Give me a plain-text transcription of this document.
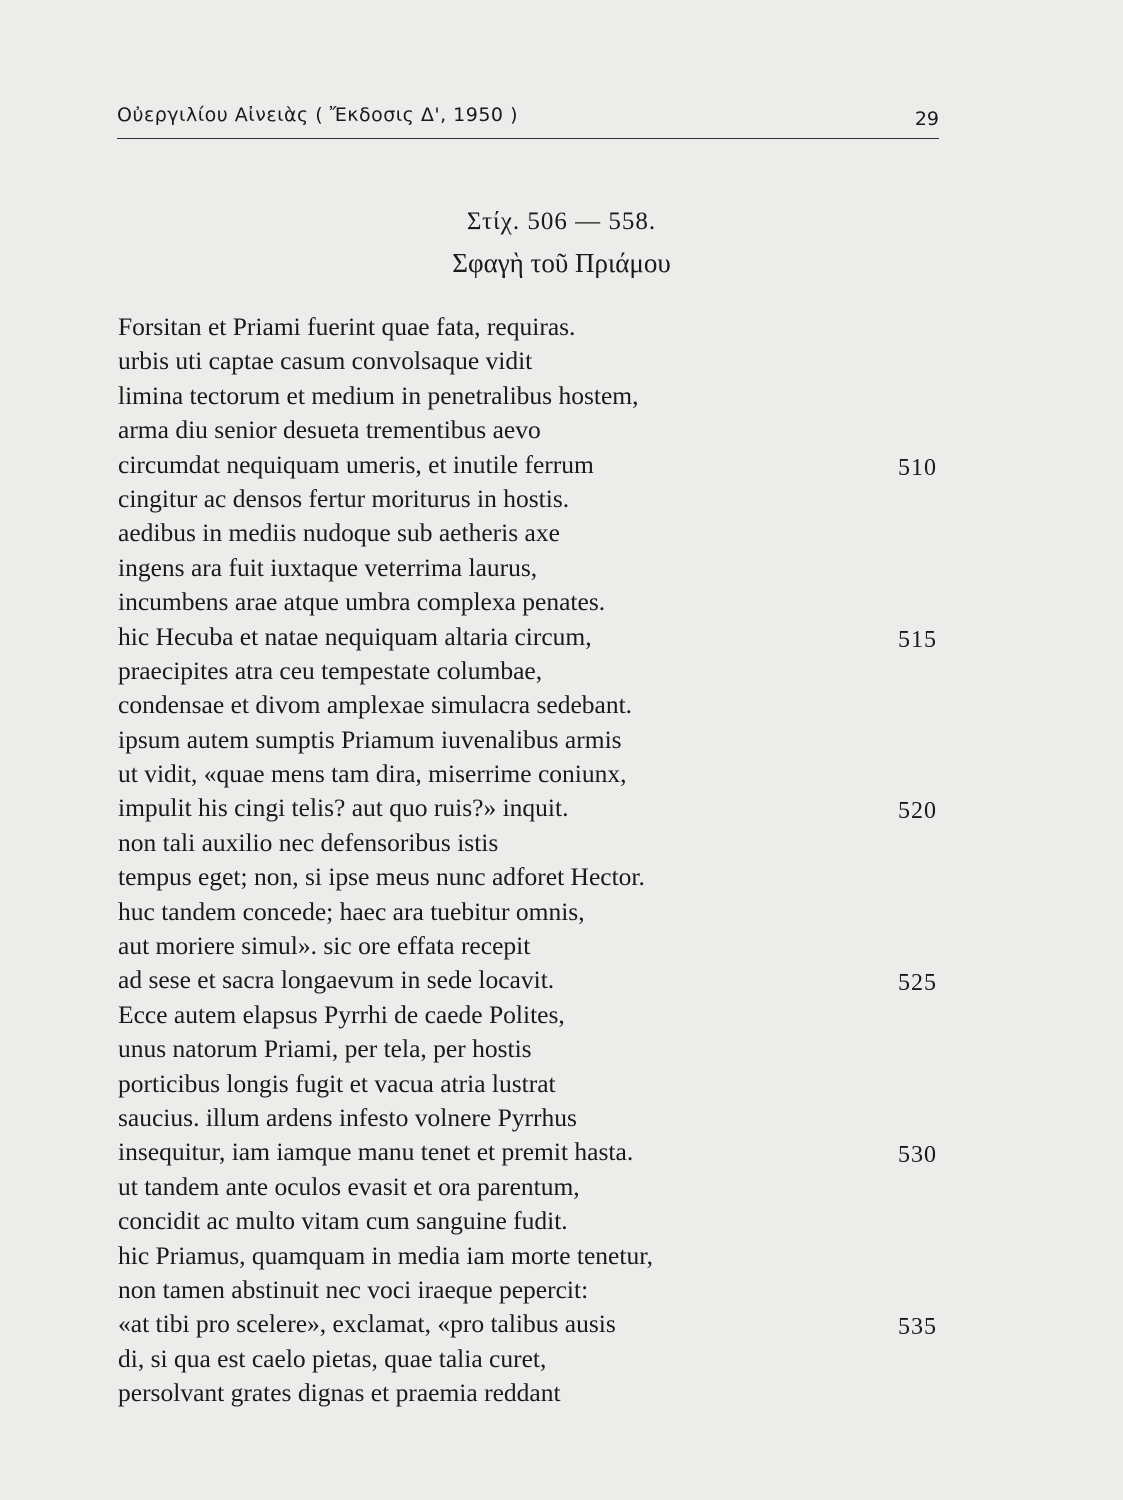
Οὐεργιλίου Αἰνειὰς ( Ἔκδοσις Δ', 1950 )	29
Στίχ. 506 — 558.
Σφαγὴ τοῦ Πριάμου
Forsitan et Priami fuerint quae fata, requiras.
urbis uti captae casum convolsaque vidit
limina tectorum et medium in penetralibus hostem,
arma diu senior desueta trementibus aevo
circumdat nequiquam umeris, et inutile ferrum	510
cingitur ac densos fertur moriturus in hostis.
aedibus in mediis nudoque sub aetheris axe
ingens ara fuit iuxtaque veterrima laurus,
incumbens arae atque umbra complexa penates.
hic Hecuba et natae nequiquam altaria circum,	515
praecipites atra ceu tempestate columbae,
condensae et divom amplexae simulacra sedebant.
ipsum autem sumptis Priamum iuvenalibus armis
ut vidit, «quae mens tam dira, miserrime coniunx,
impulit his cingi telis? aut quo ruis?» inquit.	520
non tali auxilio nec defensoribus istis
tempus eget; non, si ipse meus nunc adforet Hector.
huc tandem concede; haec ara tuebitur omnis,
aut moriere simul». sic ore effata recepit
ad sese et sacra longaevum in sede locavit.	525
Ecce autem elapsus Pyrrhi de caede Polites,
unus natorum Priami, per tela, per hostis
porticibus longis fugit et vacua atria lustrat
saucius. illum ardens infesto volnere Pyrrhus
insequitur, iam iamque manu tenet et premit hasta.	530
ut tandem ante oculos evasit et ora parentum,
concidit ac multo vitam cum sanguine fudit.
hic Priamus, quamquam in media iam morte tenetur,
non tamen abstinuit nec voci iraeque pepercit:
«at tibi pro scelere», exclamat, «pro talibus ausis	535
di, si qua est caelo pietas, quae talia curet,
persolvant grates dignas et praemia reddant
